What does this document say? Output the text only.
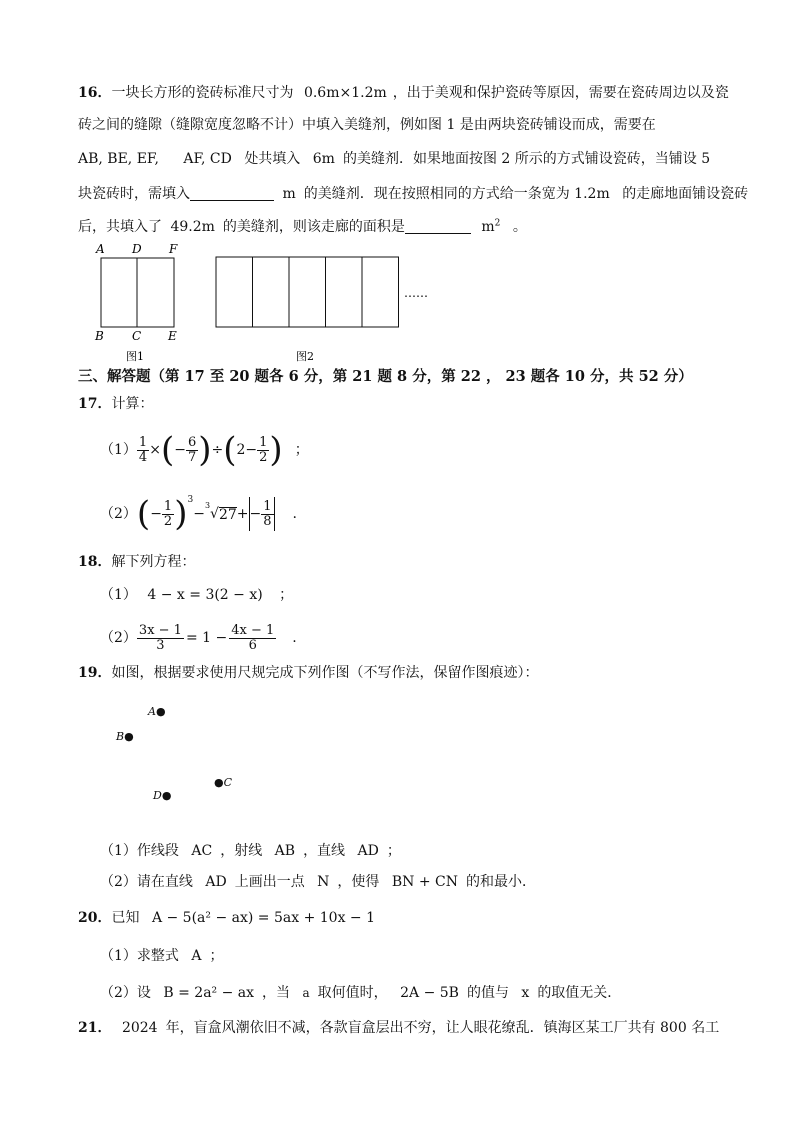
16．一块长方形的瓷砖标准尺寸为 0.6m×1.2m ，出于美观和保护瓷砖等原因，需要在瓷砖周边以及瓷
砖之间的缝隙（缝隙宽度忽略不计）中填入美缝剂，例如图 1 是由两块瓷砖铺设而成，需要在
AB, BE, EF, AF, CD 处共填入 6m 的美缝剂．如果地面按图 2 所示的方式铺设瓷砖，当铺设 5
块瓷砖时，需填入	m 的美缝剂．现在按照相同的方式给一条宽为 1.2m 的走廊地面铺设瓷砖
后，共填入了 49.2m 的美缝剂，则该走廊的面积是	$m^2$ 。
A D F
B C E
图1
……
图2
三、解答题（第 17 至 20 题各 6 分，第 21 题 8 分，第 22 ， 23 题各 10 分，共 52 分）
17．计算：
$(1) \frac{1}{4}$ × ( − $\frac{6}{7}$ ) ÷ ( $2 - \frac{1}{2}$ ) ；
（2） ( − $\frac{1}{2} )^3$
−
$^3$
√ 27 + − $\frac{1}{8}$ .
18．解下列方程：
（1） 4 − x = 3(2 − x) ；
$(2) \frac{3x - 1}{3} = 1 - \frac{4x - 1}{6}$ .
19．如图，根据要求使用尺规完成下列作图（不写作法，保留作图痕迹）：
A●
B●
●C
D●
（1）作线段 AC ，射线 AB ，直线 AD ；
（2）请在直线 AD 上画出一点 N ，使得 BN + CN 的和最小．
20．已知 A − 5(a² − ax) = 5ax + 10x − 1
（1）求整式 A ；
（2）设 B = 2a² − ax ，当 a 取何值时， 2A − 5B 的值与 x 的取值无关．
21． 2024 年，盲盒风潮依旧不减，各款盲盒层出不穷，让人眼花缭乱．镇海区某工厂共有 800 名工
